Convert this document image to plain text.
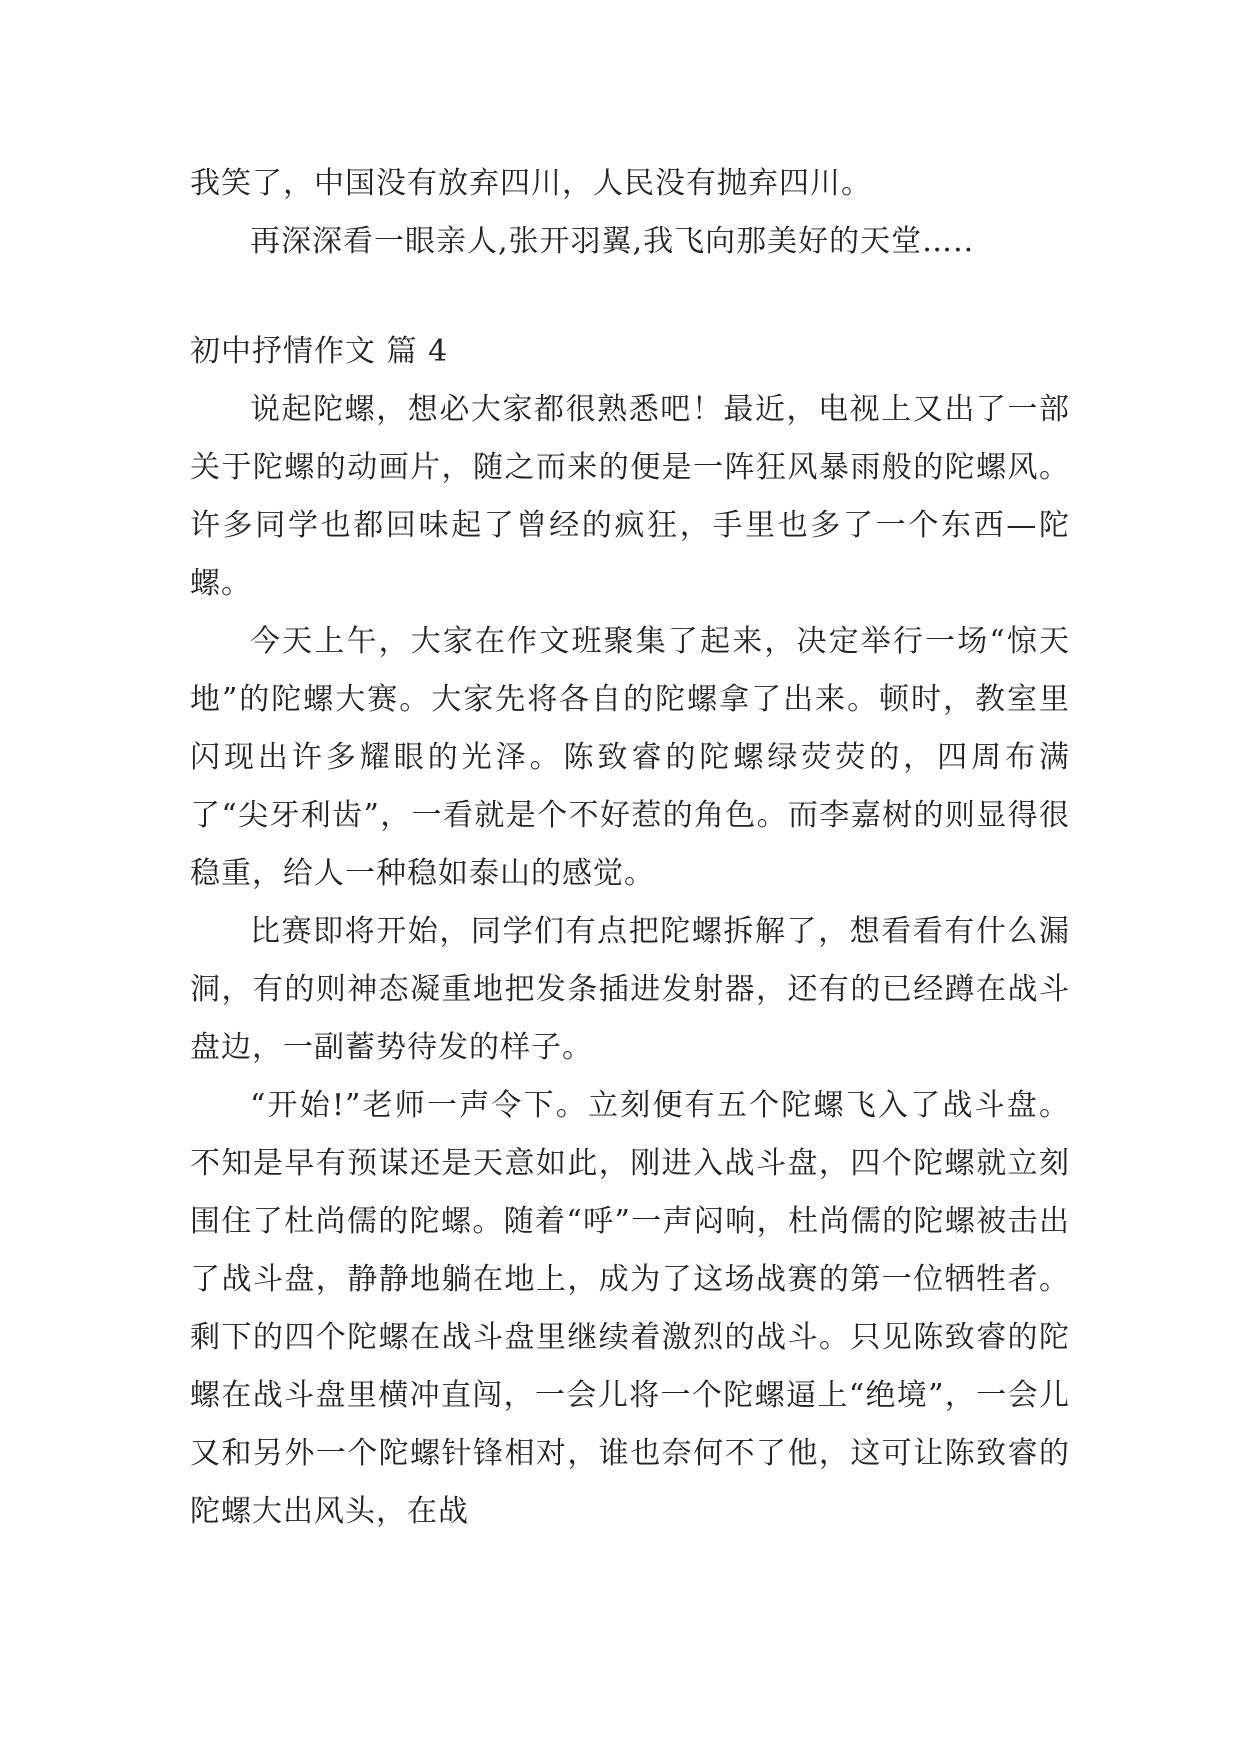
我笑了，中国没有放弃四川，人民没有抛弃四川。

再深深看一眼亲人,张开羽翼,我飞向那美好的天堂…..

初中抒情作文 篇 4

说起陀螺，想必大家都很熟悉吧！最近，电视上又出了一部关于陀螺的动画片，随之而来的便是一阵狂风暴雨般的陀螺风。许多同学也都回味起了曾经的疯狂，手里也多了一个东西—陀螺。

今天上午，大家在作文班聚集了起来，决定举行一场“惊天地”的陀螺大赛。大家先将各自的陀螺拿了出来。顿时，教室里闪现出许多耀眼的光泽。陈致睿的陀螺绿荧荧的，四周布满了“尖牙利齿”，一看就是个不好惹的角色。而李嘉树的则显得很稳重，给人一种稳如泰山的感觉。

比赛即将开始，同学们有点把陀螺拆解了，想看看有什么漏洞，有的则神态凝重地把发条插进发射器，还有的已经蹲在战斗盘边，一副蓄势待发的样子。

“开始!”老师一声令下。立刻便有五个陀螺飞入了战斗盘。不知是早有预谋还是天意如此，刚进入战斗盘，四个陀螺就立刻围住了杜尚儒的陀螺。随着“呼”一声闷响，杜尚儒的陀螺被击出了战斗盘，静静地躺在地上，成为了这场战赛的第一位牺牲者。剩下的四个陀螺在战斗盘里继续着激烈的战斗。只见陈致睿的陀螺在战斗盘里横冲直闯，一会儿将一个陀螺逼上“绝境”，一会儿又和另外一个陀螺针锋相对，谁也奈何不了他，这可让陈致睿的陀螺大出风头，在战
